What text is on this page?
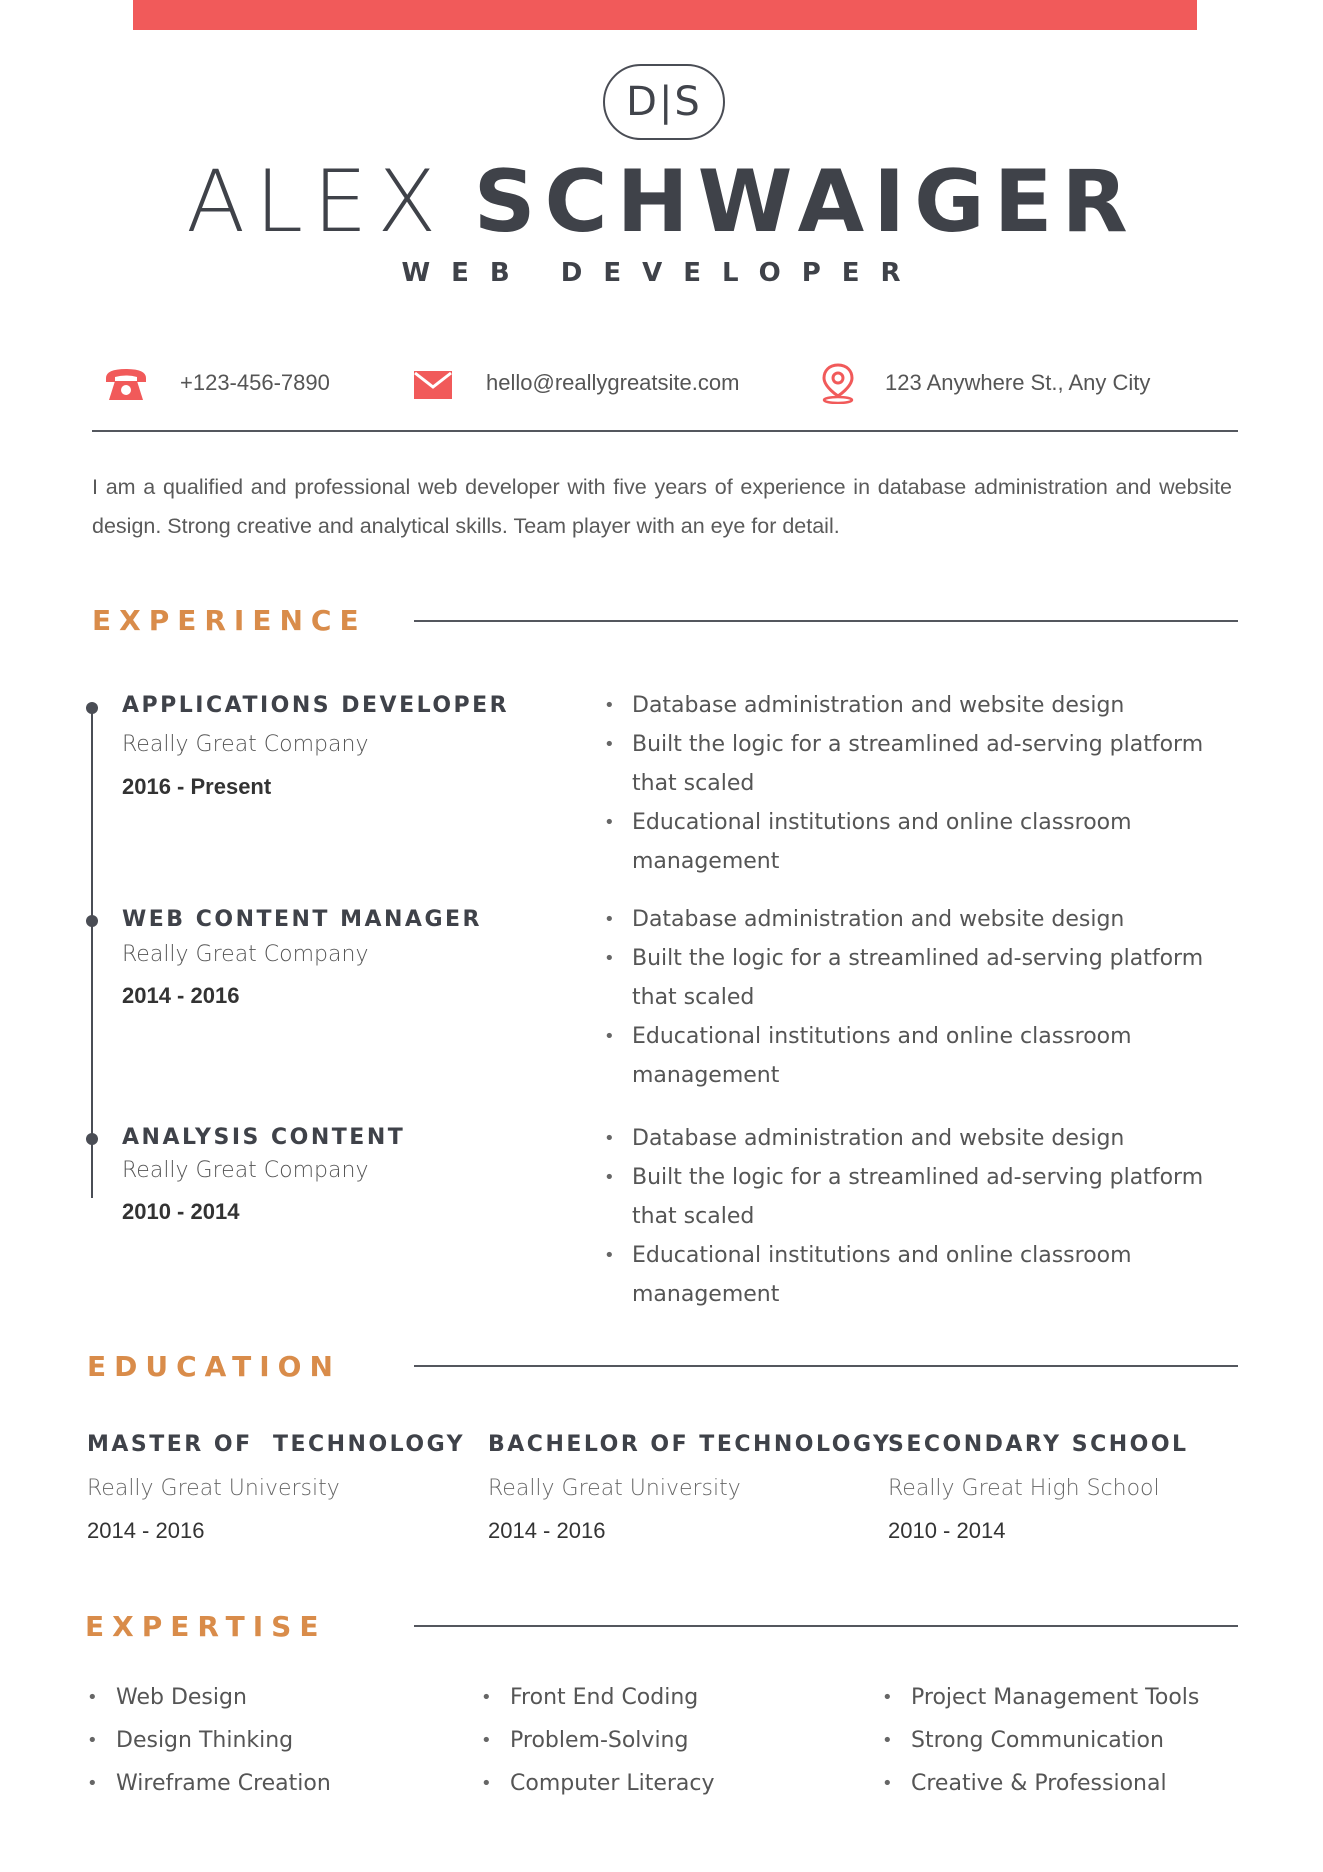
D|S
ALEX SCHWAIGER
WEB DEVELOPER
+123-456-7890	hello@reallygreatsite.com	123 Anywhere St., Any City
I am a qualified and professional web developer with five years of experience in database administration and website design. Strong creative and analytical skills. Team player with an eye for detail.
EXPERIENCE
APPLICATIONS DEVELOPER
Really Great Company
2016 - Present
• Database administration and website design
• Built the logic for a streamlined ad-serving platform that scaled
• Educational institutions and online classroom management
WEB CONTENT MANAGER
Really Great Company
2014 - 2016
• Database administration and website design
• Built the logic for a streamlined ad-serving platform that scaled
• Educational institutions and online classroom management
ANALYSIS CONTENT
Really Great Company
2010 - 2014
• Database administration and website design
• Built the logic for a streamlined ad-serving platform that scaled
• Educational institutions and online classroom management
EDUCATION
MASTER OF  TECHNOLOGY
Really Great University
2014 - 2016
BACHELOR OF TECHNOLOGY
Really Great University
2014 - 2016
SECONDARY SCHOOL
Really Great High School
2010 - 2014
EXPERTISE
• Web Design
• Design Thinking
• Wireframe Creation
• Front End Coding
• Problem-Solving
• Computer Literacy
• Project Management Tools
• Strong Communication
• Creative & Professional
